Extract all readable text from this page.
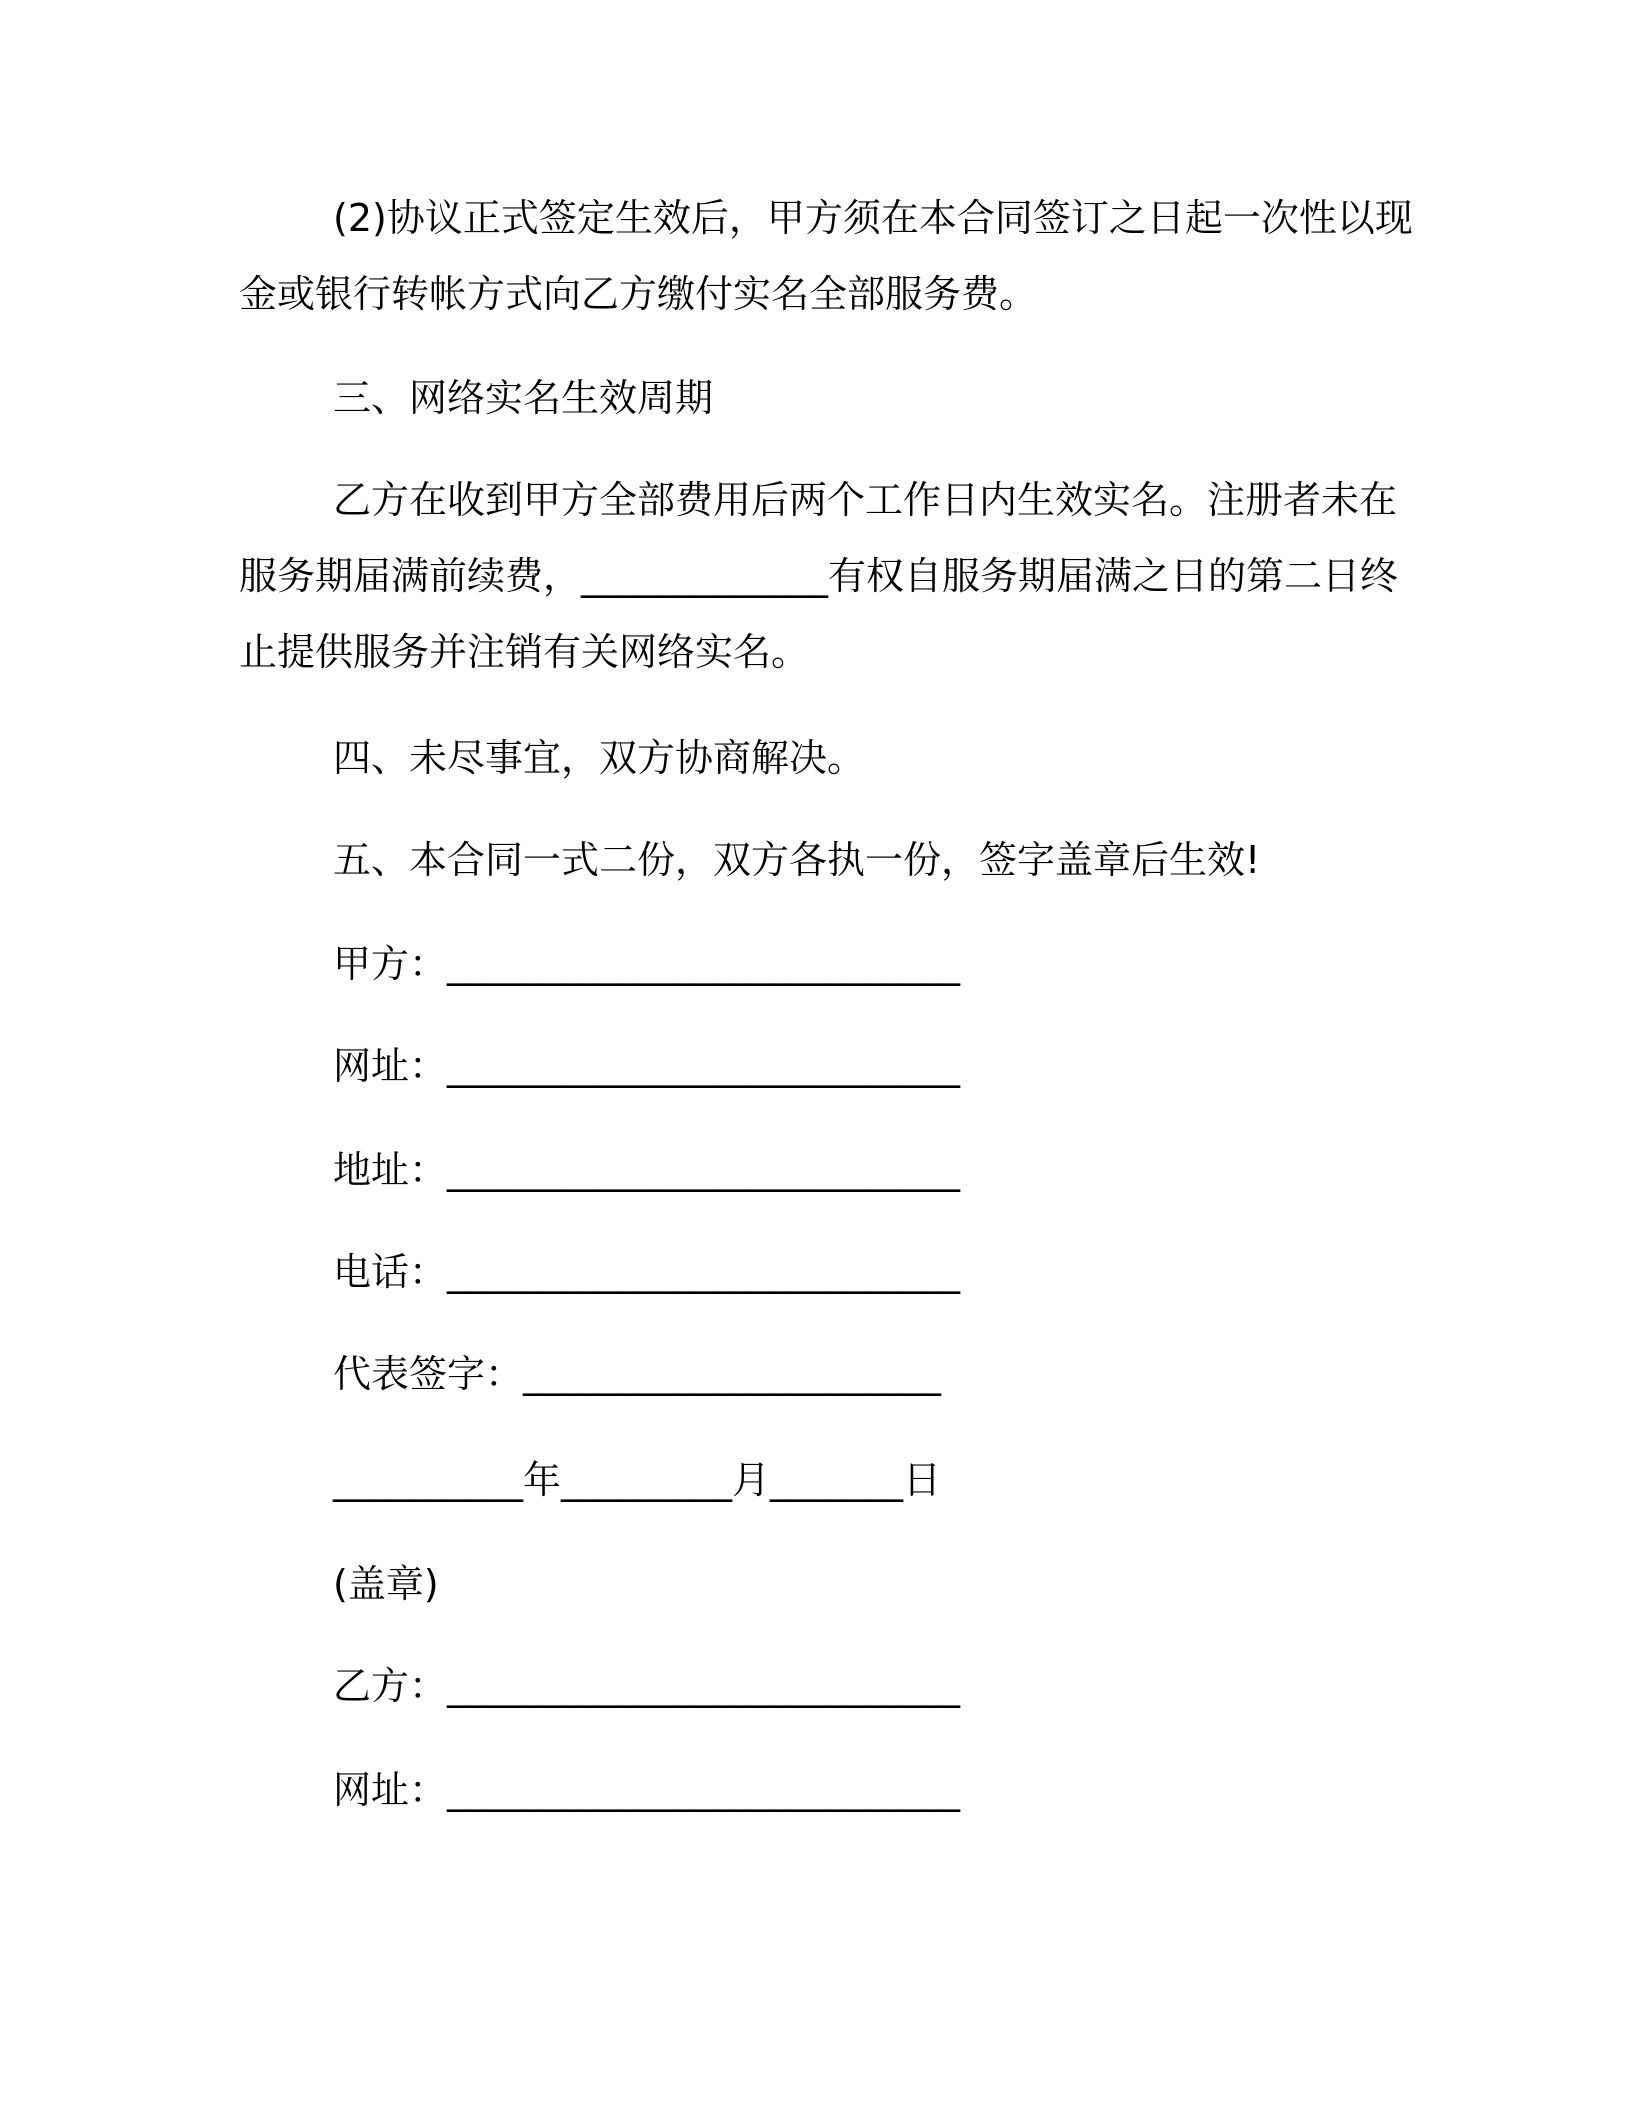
(2)协议正式签定生效后，甲方须在本合同签订之日起一次性以现
金或银行转帐方式向乙方缴付实名全部服务费。
三、网络实名生效周期
乙方在收到甲方全部费用后两个工作日内生效实名。注册者未在
服务期届满前续费，_____________有权自服务期届满之日的第二日终
止提供服务并注销有关网络实名。
四、未尽事宜，双方协商解决。
五、本合同一式二份，双方各执一份，签字盖章后生效!
甲方：___________________________
网址：___________________________
地址：___________________________
电话：___________________________
代表签字：______________________
__________年_________月_______日
(盖章)
乙方：___________________________
网址：___________________________
